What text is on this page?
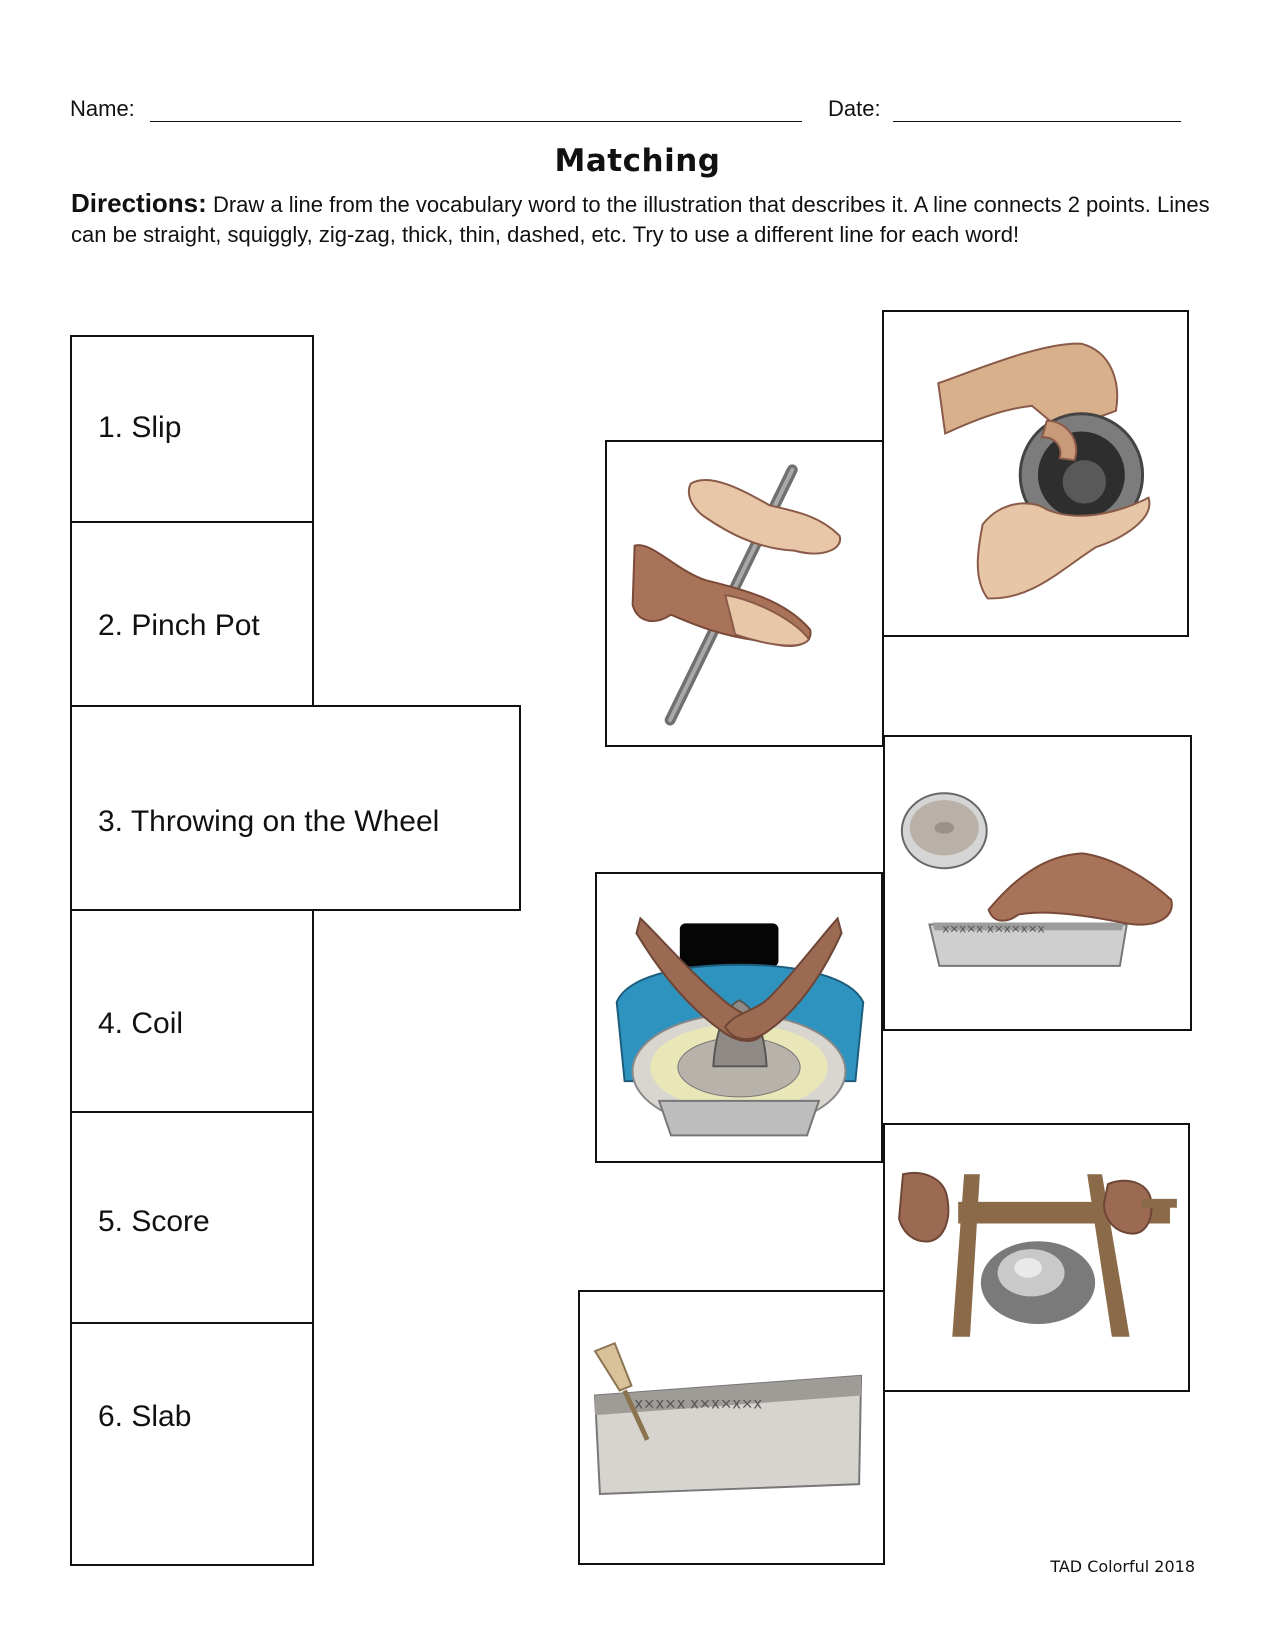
Name:	Date:
Matching
Directions: Draw a line from the vocabulary word to the illustration that describes it. A line connects 2 points. Lines can be straight, squiggly, zig-zag, thick, thin, dashed, etc. Try to use a different line for each word!
1. Slip
2. Pinch Pot
3. Throwing on the Wheel
4. Coil
5. Score
6. Slab
x×x×x x×x×x×x
x×x×x x×x×x×x
TAD Colorful 2018
